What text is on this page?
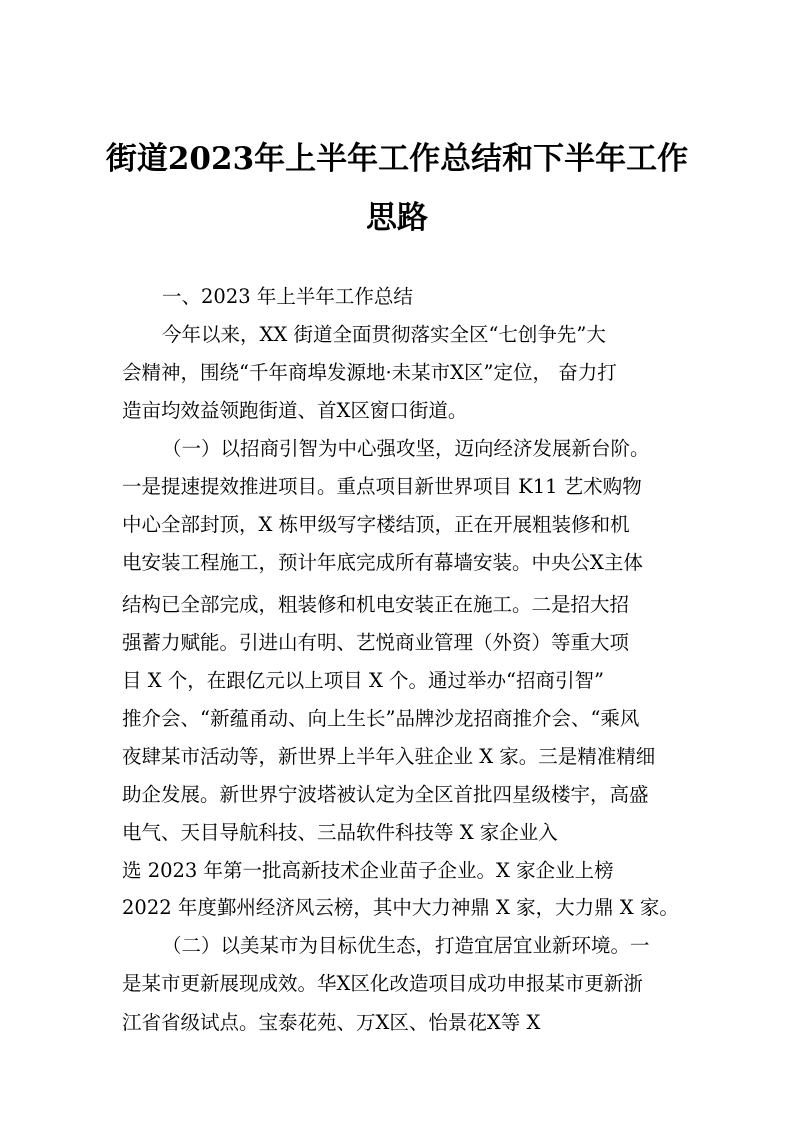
街道2023年上半年工作总结和下半年工作
思路

一、2023 年上半年工作总结

今年以来，XX 街道全面贯彻落实全区“七创争先”大

会精神，围绕“千年商埠发源地·未某市X区”定位， 奋力打

造亩均效益领跑街道、首X区窗口街道。

（一）以招商引智为中心强攻坚，迈向经济发展新台阶。

一是提速提效推进项目。重点项目新世界项目 K11 艺术购物

中心全部封顶，X 栋甲级写字楼结顶，正在开展粗装修和机

电安装工程施工，预计年底完成所有幕墙安装。中央公X主体

结构已全部完成，粗装修和机电安装正在施工。二是招大招

强蓄力赋能。引进山有明、艺悦商业管理（外资）等重大项

目 X 个，在跟亿元以上项目 X 个。通过举办“招商引智”

推介会、“新蕴甬动、向上生长”品牌沙龙招商推介会、“乘风

夜肆某市活动等，新世界上半年入驻企业 X 家。三是精准精细

助企发展。新世界宁波塔被认定为全区首批四星级楼宇，高盛

电气、天目导航科技、三品软件科技等 X 家企业入

选 2023 年第一批高新技术企业苗子企业。X 家企业上榜

2022 年度鄞州经济风云榜，其中大力神鼎 X 家，大力鼎 X 家。

（二）以美某市为目标优生态，打造宜居宜业新环境。一

是某市更新展现成效。华X区化改造项目成功申报某市更新浙

江省省级试点。宝泰花苑、万X区、怡景花X等 X
